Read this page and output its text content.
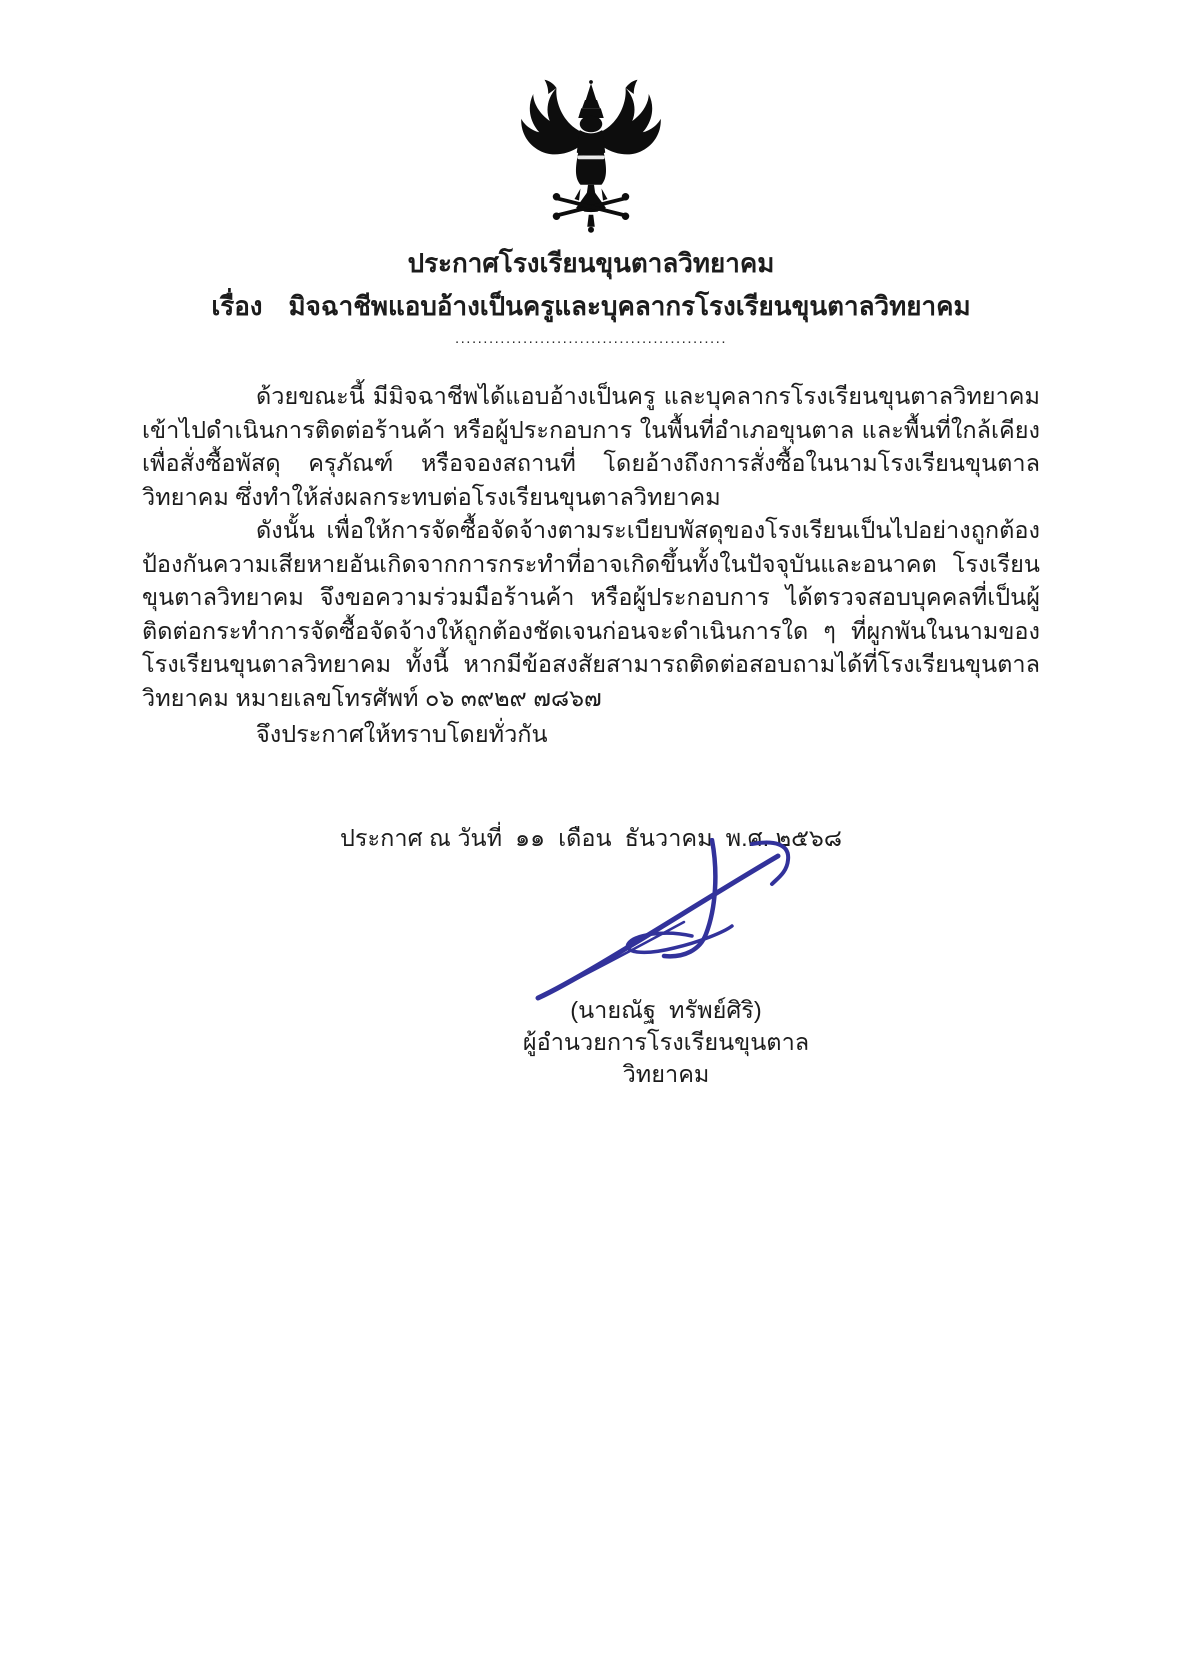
ประกาศโรงเรียนขุนตาลวิทยาคม
เรื่อง มิจฉาชีพแอบอ้างเป็นครูและบุคลากรโรงเรียนขุนตาลวิทยาคม
................................................

ด้วยขณะนี้ มีมิจฉาชีพได้แอบอ้างเป็นครู และบุคลากรโรงเรียนขุนตาลวิทยาคม เข้าไปดำเนินการติดต่อร้านค้า หรือผู้ประกอบการ ในพื้นที่อำเภอขุนตาล และพื้นที่ใกล้เคียง เพื่อสั่งซื้อพัสดุ ครุภัณฑ์ หรือจองสถานที่ โดยอ้างถึงการสั่งซื้อในนามโรงเรียนขุนตาลวิทยาคม ซึ่งทำให้ส่งผลกระทบต่อโรงเรียนขุนตาลวิทยาคม

ดังนั้น เพื่อให้การจัดซื้อจัดจ้างตามระเบียบพัสดุของโรงเรียนเป็นไปอย่างถูกต้อง ป้องกันความเสียหายอันเกิดจากการกระทำที่อาจเกิดขึ้นทั้งในปัจจุบันและอนาคต โรงเรียนขุนตาลวิทยาคม จึงขอความร่วมมือร้านค้า หรือผู้ประกอบการ ได้ตรวจสอบบุคคลที่เป็นผู้ติดต่อกระทำการจัดซื้อจัดจ้างให้ถูกต้องชัดเจนก่อนจะดำเนินการใด ๆ ที่ผูกพันในนามของโรงเรียนขุนตาลวิทยาคม ทั้งนี้ หากมีข้อสงสัยสามารถติดต่อสอบถามได้ที่โรงเรียนขุนตาลวิทยาคม หมายเลขโทรศัพท์ ๐๖ ๓๙๒๙ ๗๘๖๗

จึงประกาศให้ทราบโดยทั่วกัน
ประกาศ ณ วันที่  ๑๑  เดือน  ธันวาคม  พ.ศ. ๒๕๖๘
(นายณัฐ  ทรัพย์ศิริ)
ผู้อำนวยการโรงเรียนขุนตาลวิทยาคม
